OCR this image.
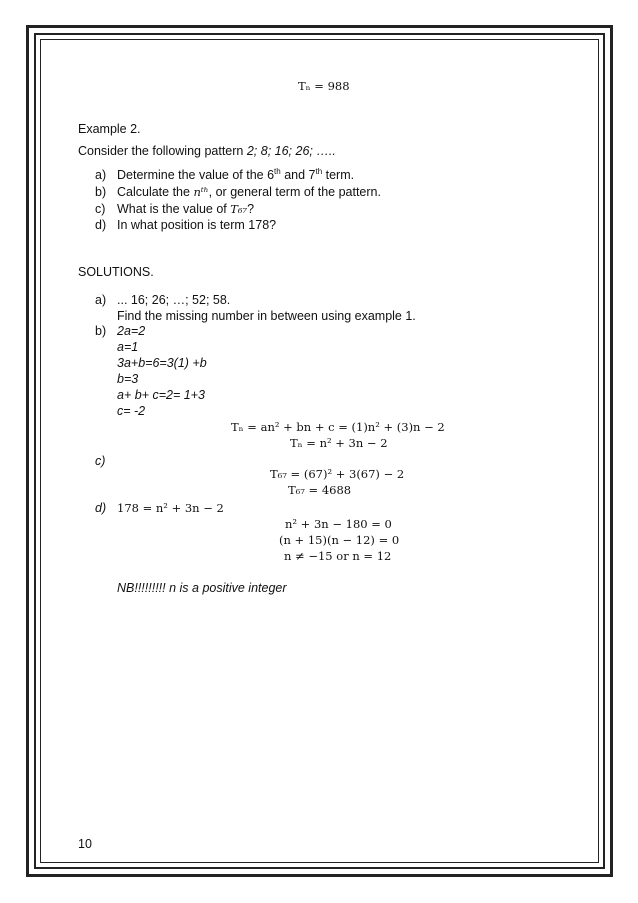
Tₙ = 988
Example 2.
Consider the following pattern 2; 8; 16; 26; …..
a) Determine the value of the 6th and 7th term.
b) Calculate the nᵗʰ, or general term of the pattern.
c) What is the value of T₆₇?
d) In what position is term 178?
SOLUTIONS.
a) ... 16; 26; …; 52; 58.
Find the missing number in between using example 1.
b) 2a=2
a=1
3a+b=6=3(1) +b
b=3
a+ b+ c=2= 1+3
c= -2
Tₙ = an² + bn + c = (1)n² + (3)n − 2
Tₙ = n² + 3n − 2
c)
T₆₇ = (67)² + 3(67) − 2
T₆₇ = 4688
d) 178 = n² + 3n − 2
n² + 3n − 180 = 0
(n + 15)(n − 12) = 0
n ≠ −15 or n = 12
NB!!!!!!!!! n is a positive integer
10
